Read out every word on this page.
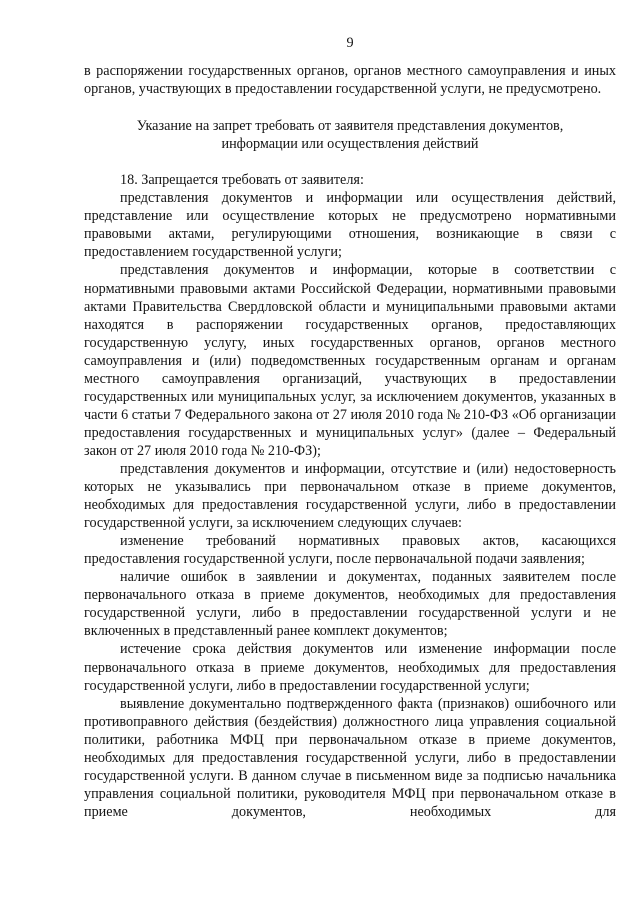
9

в распоряжении государственных органов, органов местного самоуправления и иных органов, участвующих в предоставлении государственной услуги, не предусмотрено.

Указание на запрет требовать от заявителя представления документов,

информации или осуществления действий

18. Запрещается требовать от заявителя:

представления документов и информации или осуществления действий, представление или осуществление которых не предусмотрено нормативными правовыми актами, регулирующими отношения, возникающие в связи с предоставлением государственной услуги;

представления документов и информации, которые в соответствии с нормативными правовыми актами Российской Федерации, нормативными правовыми актами Правительства Свердловской области и муниципальными правовыми актами находятся в распоряжении государственных органов, предоставляющих государственную услугу, иных государственных органов, органов местного самоуправления и (или) подведомственных государственным органам и органам местного самоуправления организаций, участвующих в предоставлении государственных или муниципальных услуг, за исключением документов, указанных в части 6 статьи 7 Федерального закона от 27 июля 2010 года № 210-ФЗ «Об организации предоставления государственных и муниципальных услуг» (далее – Федеральный закон от 27 июля 2010 года № 210-ФЗ);

представления документов и информации, отсутствие и (или) недостоверность которых не указывались при первоначальном отказе в приеме документов, необходимых для предоставления государственной услуги, либо в предоставлении государственной услуги, за исключением следующих случаев:

изменение требований нормативных правовых актов, касающихся предоставления государственной услуги, после первоначальной подачи заявления;

наличие ошибок в заявлении и документах, поданных заявителем после первоначального отказа в приеме документов, необходимых для предоставления государственной услуги, либо в предоставлении государственной услуги и не включенных в представленный ранее комплект документов;

истечение срока действия документов или изменение информации после первоначального отказа в приеме документов, необходимых для предоставления государственной услуги, либо в предоставлении государственной услуги;

выявление документально подтвержденного факта (признаков) ошибочного или противоправного действия (бездействия) должностного лица управления социальной политики, работника МФЦ при первоначальном отказе в приеме документов, необходимых для предоставления государственной услуги, либо в предоставлении государственной услуги. В данном случае в письменном виде за подписью начальника управления социальной политики, руководителя МФЦ при первоначальном отказе в приеме документов, необходимых для
